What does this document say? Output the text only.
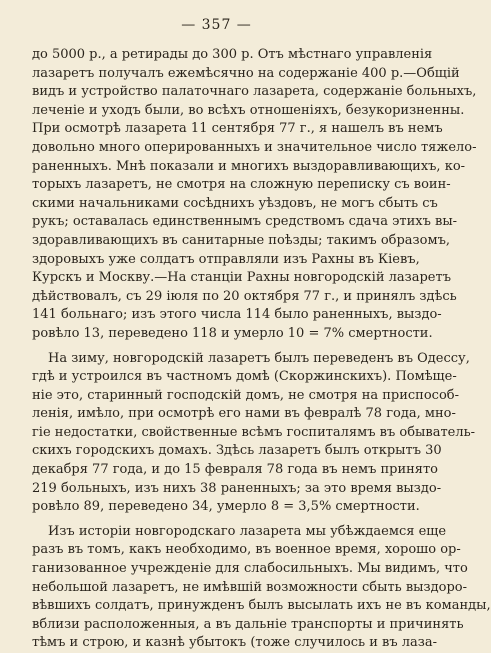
— 357 —
до 5000 р., а ретирады до 300 р. Отъ мѣстнаго управленія
лазаретъ получалъ ежемѣсячно на содержаніе 400 р.—Общій
видъ и устройство палаточнаго лазарета, содержаніе больныхъ,
леченіе и уходъ были, во всѣхъ отношеніяхъ, безукоризненны.
При осмотрѣ лазарета 11 сентября 77 г., я нашелъ въ немъ
довольно много оперированныхъ и значительное число тяжело-
раненныхъ. Мнѣ показали и многихъ выздоравливающихъ, ко-
торыхъ лазаретъ, не смотря на сложную переписку съ воин-
скими начальниками сосѣднихъ уѣздовъ, не могъ сбыть съ
рукъ; оставалась единственнымъ средствомъ сдача этихъ вы-
здоравливающихъ въ санитарные поѣзды; такимъ образомъ,
здоровыхъ уже солдатъ отправляли изъ Рахны въ Кіевъ,
Курскъ и Москву.—На станціи Рахны новгородскій лазаретъ
дѣйствовалъ, съ 29 іюля по 20 октября 77 г., и принялъ здѣсь
141 больнаго; изъ этого числа 114 было раненныхъ, выздо-
ровѣло 13, переведено 118 и умерло 10 = 7% смертности.
На зиму, новгородскій лазаретъ былъ переведенъ въ Одессу,
гдѣ и устроился въ частномъ домѣ (Скоржинскихъ). Помѣще-
ніе это, старинный господскій домъ, не смотря на приспособ-
ленія, имѣло, при осмотрѣ его нами въ февралѣ 78 года, мно-
гіе недостатки, свойственные всѣмъ госпиталямъ въ обыватель-
скихъ городскихъ домахъ. Здѣсь лазаретъ былъ открытъ 30
декабря 77 года, и до 15 февраля 78 года въ немъ принято
219 больныхъ, изъ нихъ 38 раненныхъ; за это время выздо-
ровѣло 89, переведено 34, умерло 8 = 3,5% смертности.
Изъ исторіи новгородскаго лазарета мы убѣждаемся еще
разъ въ томъ, какъ необходимо, въ военное время, хорошо ор-
ганизованное учрежденіе для слабосильныхъ. Мы видимъ, что
небольшой лазаретъ, не имѣвшій возможности сбыть выздоро-
вѣвшихъ солдатъ, принужденъ былъ высылать ихъ не въ команды,
вблизи расположенныя, а въ дальніе транспорты и причинять
тѣмъ и строю, и казнѣ убытокъ (тоже случилось и въ лаза-
